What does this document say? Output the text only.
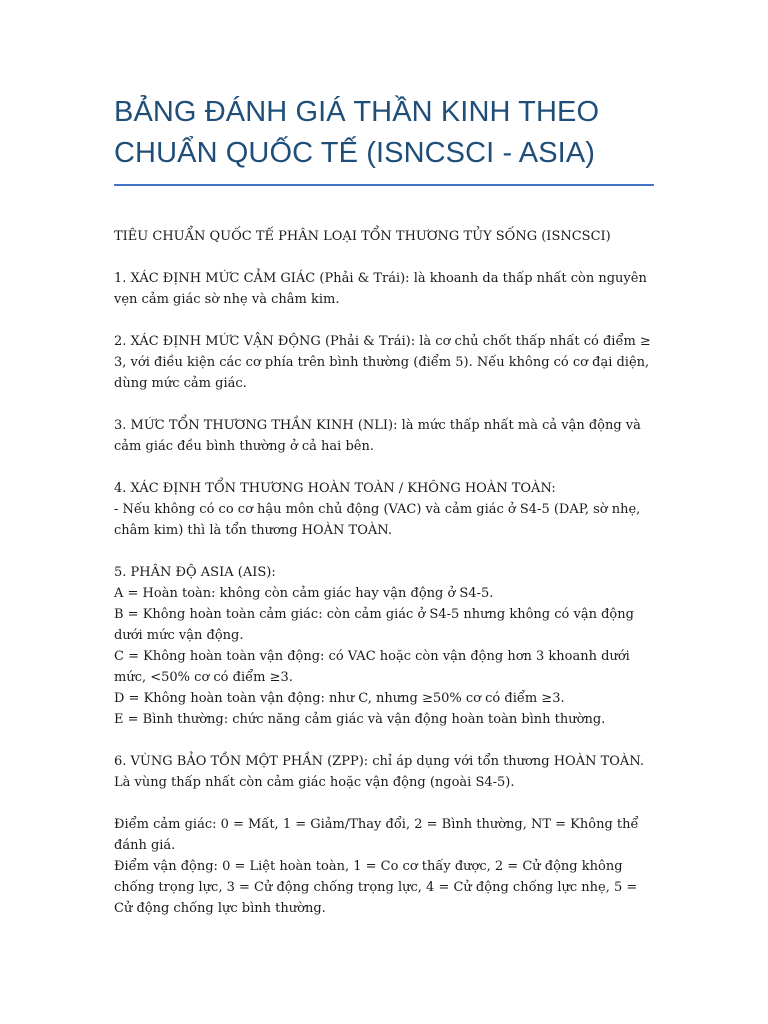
BẢNG ĐÁNH GIÁ THẦN KINH THEO
CHUẨN QUỐC TẾ (ISNCSCI - ASIA)

TIÊU CHUẨN QUỐC TẾ PHÂN LOẠI TỔN THƯƠNG TỦY SỐNG (ISNCSCI)

1. XÁC ĐỊNH MỨC CẢM GIÁC (Phải & Trái): là khoanh da thấp nhất còn nguyên vẹn cảm giác sờ nhẹ và châm kim.

2. XÁC ĐỊNH MỨC VẬN ĐỘNG (Phải & Trái): là cơ chủ chốt thấp nhất có điểm ≥ 3, với điều kiện các cơ phía trên bình thường (điểm 5). Nếu không có cơ đại diện, dùng mức cảm giác.

3. MỨC TỔN THƯƠNG THẦN KINH (NLI): là mức thấp nhất mà cả vận động và cảm giác đều bình thường ở cả hai bên.

4. XÁC ĐỊNH TỔN THƯƠNG HOÀN TOÀN / KHÔNG HOÀN TOÀN:

- Nếu không có co cơ hậu môn chủ động (VAC) và cảm giác ở S4-5 (DAP, sờ nhẹ, châm kim) thì là tổn thương HOÀN TOÀN.

5. PHÂN ĐỘ ASIA (AIS):

A = Hoàn toàn: không còn cảm giác hay vận động ở S4-5.

B = Không hoàn toàn cảm giác: còn cảm giác ở S4-5 nhưng không có vận động dưới mức vận động.

C = Không hoàn toàn vận động: có VAC hoặc còn vận động hơn 3 khoanh dưới mức, <50% cơ có điểm ≥3.

D = Không hoàn toàn vận động: như C, nhưng ≥50% cơ có điểm ≥3.

E = Bình thường: chức năng cảm giác và vận động hoàn toàn bình thường.

6. VÙNG BẢO TỒN MỘT PHẦN (ZPP): chỉ áp dụng với tổn thương HOÀN TOÀN. Là vùng thấp nhất còn cảm giác hoặc vận động (ngoài S4-5).

Điểm cảm giác: 0 = Mất, 1 = Giảm/Thay đổi, 2 = Bình thường, NT = Không thể đánh giá.

Điểm vận động: 0 = Liệt hoàn toàn, 1 = Co cơ thấy được, 2 = Cử động không chống trọng lực, 3 = Cử động chống trọng lực, 4 = Cử động chống lực nhẹ, 5 = Cử động chống lực bình thường.
